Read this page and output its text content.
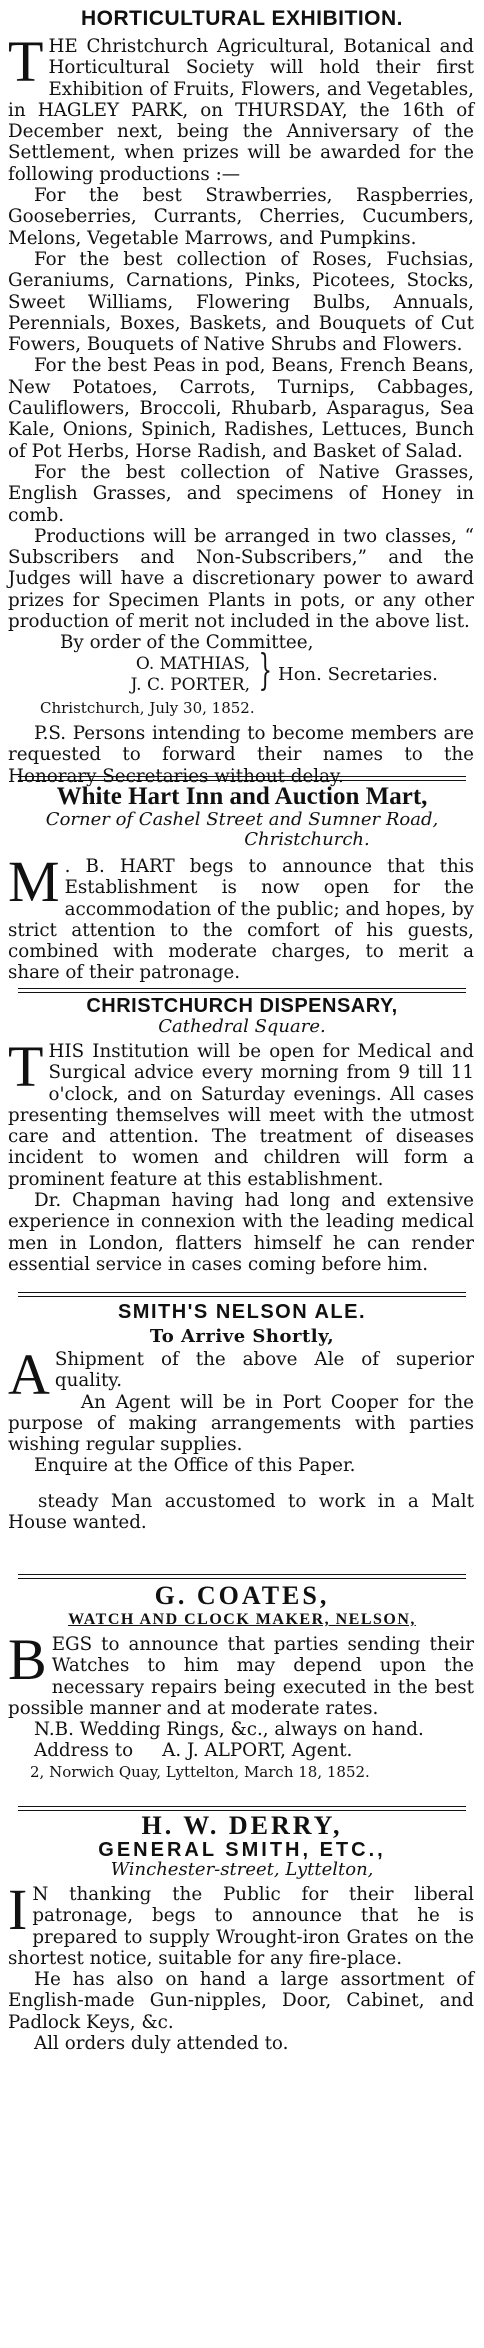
HORTICULTURAL EXHIBITION.

THE Christchurch Agricultural, Botanical and Horticultural Society will hold their first Exhibition of Fruits, Flowers, and Vegetables, in HAGLEY PARK, on THURSDAY, the 16th of December next, being the Anniversary of the Settlement, when prizes will be awarded for the following productions :—

For the best Strawberries, Raspberries, Gooseberries, Currants, Cherries, Cucumbers, Melons, Vegetable Marrows, and Pumpkins.

For the best collection of Roses, Fuchsias, Geraniums, Carnations, Pinks, Picotees, Stocks, Sweet Williams, Flowering Bulbs, Annuals, Perennials, Boxes, Baskets, and Bouquets of Cut Fowers, Bouquets of Native Shrubs and Flowers.

For the best Peas in pod, Beans, French Beans, New Potatoes, Carrots, Turnips, Cabbages, Cauliflowers, Broccoli, Rhubarb, Asparagus, Sea Kale, Onions, Spinich, Radishes, Lettuces, Bunch of Pot Herbs, Horse Radish, and Basket of Salad.

For the best collection of Native Grasses, English Grasses, and specimens of Honey in comb.

Productions will be arranged in two classes, “ Subscribers and Non-Subscribers,” and the Judges will have a discretionary power to award prizes for Specimen Plants in pots, or any other production of merit not included in the above list.

By order of the Committee,

O. MATHIAS,
J. C. PORTER, } Hon. Secretaries.

Christchurch, July 30, 1852.

P.S. Persons intending to become members are requested to forward their names to the Honorary Secretaries without delay.

White Hart Inn and Auction Mart,

Corner of Cashel Street and Sumner Road,

Christchurch.

M . B. HART begs to announce that this Establishment is now open for the accommodation of the public; and hopes, by strict attention to the comfort of his guests, combined with moderate charges, to merit a share of their patronage.

CHRISTCHURCH DISPENSARY,

Cathedral Square.

THIS Institution will be open for Medical and Surgical advice every morning from 9 till 11 o'clock, and on Saturday evenings. All cases presenting themselves will meet with the utmost care and attention. The treatment of diseases incident to women and children will form a prominent feature at this establishment.

Dr. Chapman having had long and extensive experience in connexion with the leading medical men in London, flatters himself he can render essential service in cases coming before him.

SMITH'S NELSON ALE.

To Arrive Shortly,

A Shipment of the above Ale of superior quality.

An Agent will be in Port Cooper for the purpose of making arrangements with parties wishing regular supplies.

Enquire at the Office of this Paper.

steady Man accustomed to work in a Malt House wanted.

G. COATES,

WATCH AND CLOCK MAKER, NELSON,

BEGS to announce that parties sending their Watches to him may depend upon the necessary repairs being executed in the best possible manner and at moderate rates.

N.B. Wedding Rings, &c., always on hand.

Address to     A. J. ALPORT, Agent.

2, Norwich Quay, Lyttelton, March 18, 1852.

H. W. DERRY,

GENERAL SMITH, ETC.,

Winchester-street, Lyttelton,

I N thanking the Public for their liberal patronage, begs to announce that he is prepared to supply Wrought-iron Grates on the shortest notice, suitable for any fire-place.

He has also on hand a large assortment of English-made Gun-nipples, Door, Cabinet, and Padlock Keys, &c.

All orders duly attended to.
